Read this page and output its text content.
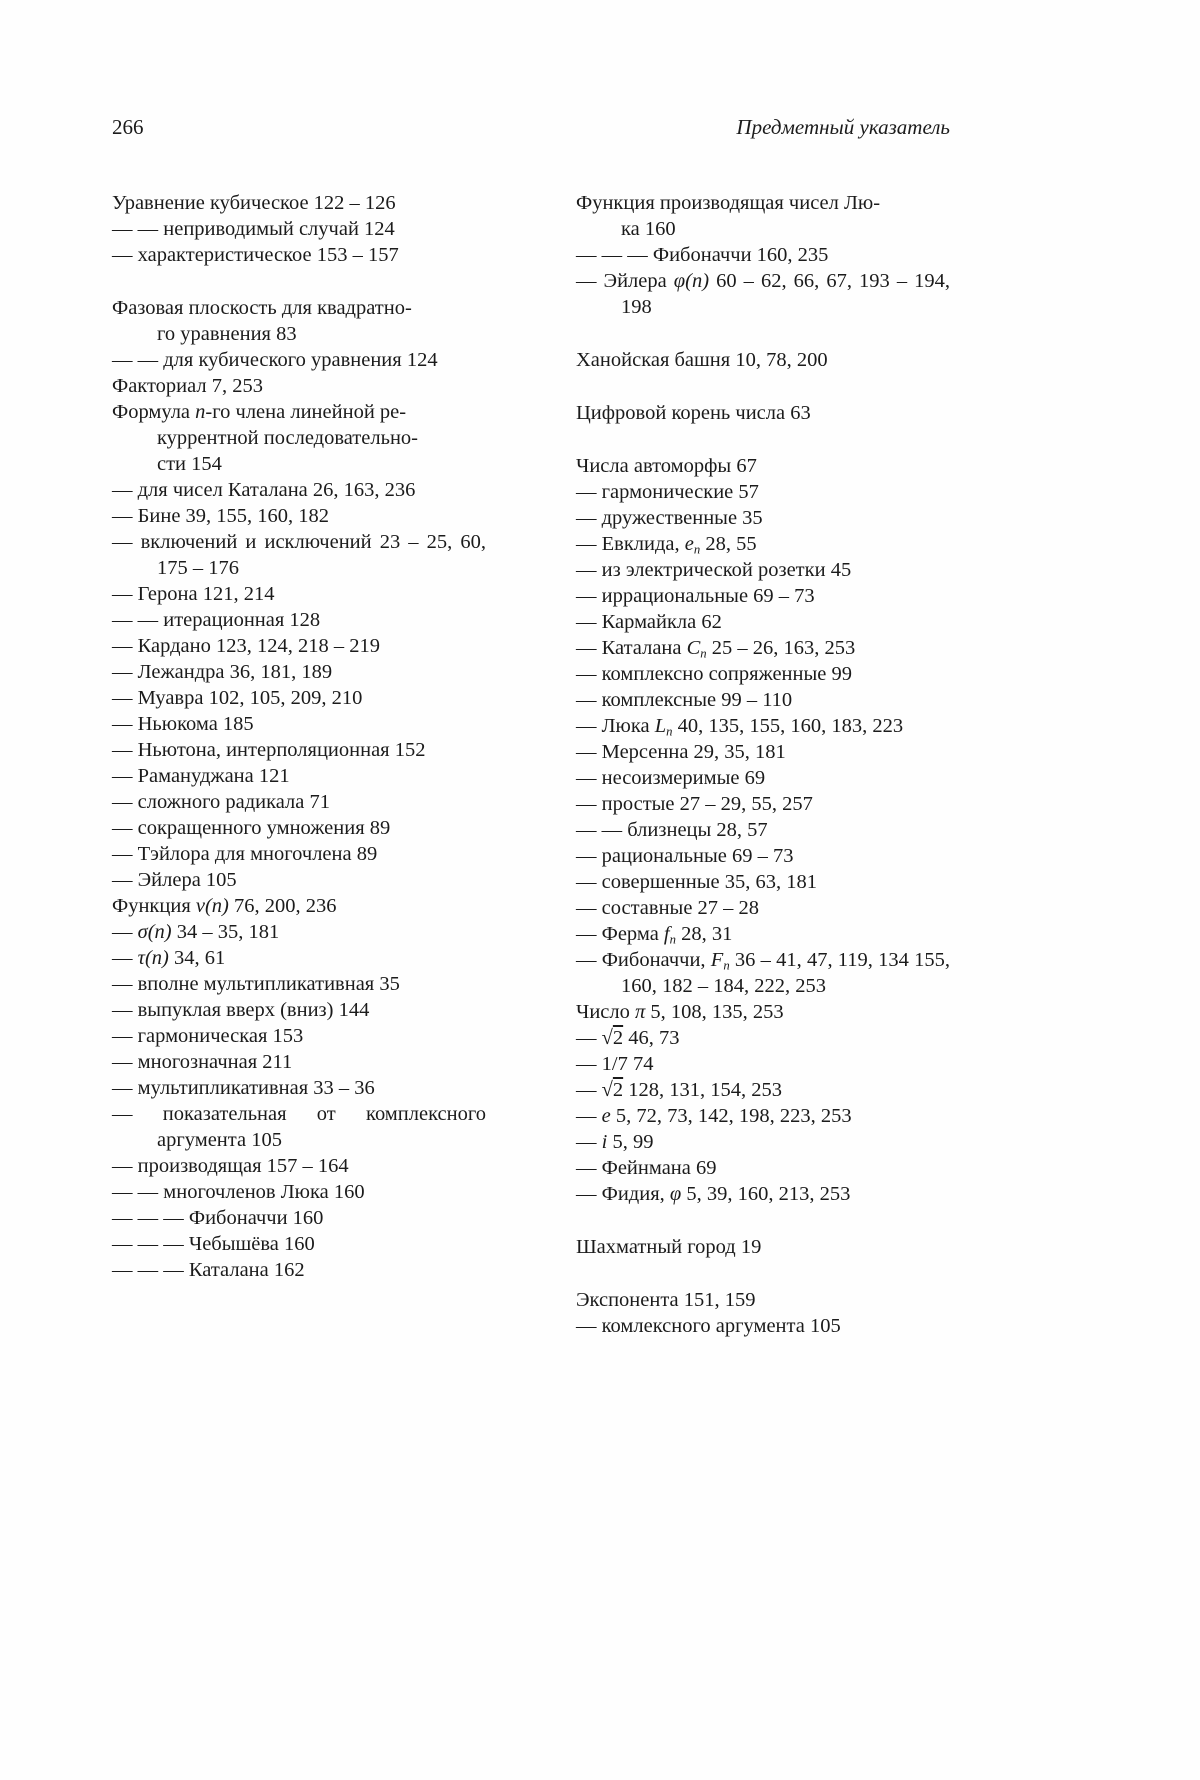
266	Предметный указатель

Уравнение кубическое 122 – 126

— — неприводимый случай 124

— характеристическое 153 – 157

Фазовая плоскость для квадратно-
го уравнения 83

— — для кубического уравнения 124

Факториал 7, 253

Формула n-го члена линейной ре-
куррентной последовательно-
сти 154

— для чисел Каталана 26, 163, 236

— Бине 39, 155, 160, 182

— включений и исключений 23 – 25, 60, 175 – 176

— Герона 121, 214

— — итерационная 128

— Кардано 123, 124, 218 – 219

— Лежандра 36, 181, 189

— Муавра 102, 105, 209, 210

— Ньюкома 185

— Ньютона, интерполяционная 152

— Рамануджана 121

— сложного радикала 71

— сокращенного умножения 89

— Тэйлора для многочлена 89

— Эйлера 105

Функция ν(n) 76, 200, 236

— σ(n) 34 – 35, 181

— τ(n) 34, 61

— вполне мультипликативная 35

— выпуклая вверх (вниз) 144

— гармоническая 153

— многозначная 211

— мультипликативная 33 – 36

— показательная от комплексного аргумента 105

— производящая 157 – 164

— — многочленов Люка 160

— — — Фибоначчи 160

— — — Чебышёва 160

— — — Каталана 162

Функция производящая чисел Лю-
ка 160

— — — Фибоначчи 160, 235

— Эйлера φ(n) 60 – 62, 66, 67, 193 – 194, 198

Ханойская башня 10, 78, 200

Цифровой корень числа 63

Числа автоморфы 67

— гармонические 57

— дружественные 35

— Евклида, $e_n$ 28, 55

— из электрической розетки 45

— иррациональные 69 – 73

— Кармайкла 62

— Каталана $C_n$ 25 – 26, 163, 253

— комплексно сопряженные 99

— комплексные 99 – 110

— Люка $L_n$ 40, 135, 155, 160, 183, 223

— Мерсенна 29, 35, 181

— несоизмеримые 69

— простые 27 – 29, 55, 257

— — близнецы 28, 57

— рациональные 69 – 73

— совершенные 35, 63, 181

— составные 27 – 28

— Ферма $f_n$ 28, 31

— Фибоначчи, $F_n$ 36 – 41, 47, 119, 134 155, 160, 182 – 184, 222, 253

Число π 5, 108, 135, 253

— √2 46, 73

— 1/7 74

— √2 128, 131, 154, 253

— e 5, 72, 73, 142, 198, 223, 253

— i 5, 99

— Фейнмана 69

— Фидия, φ 5, 39, 160, 213, 253

Шахматный город 19

Экспонента 151, 159

— комлексного аргумента 105
